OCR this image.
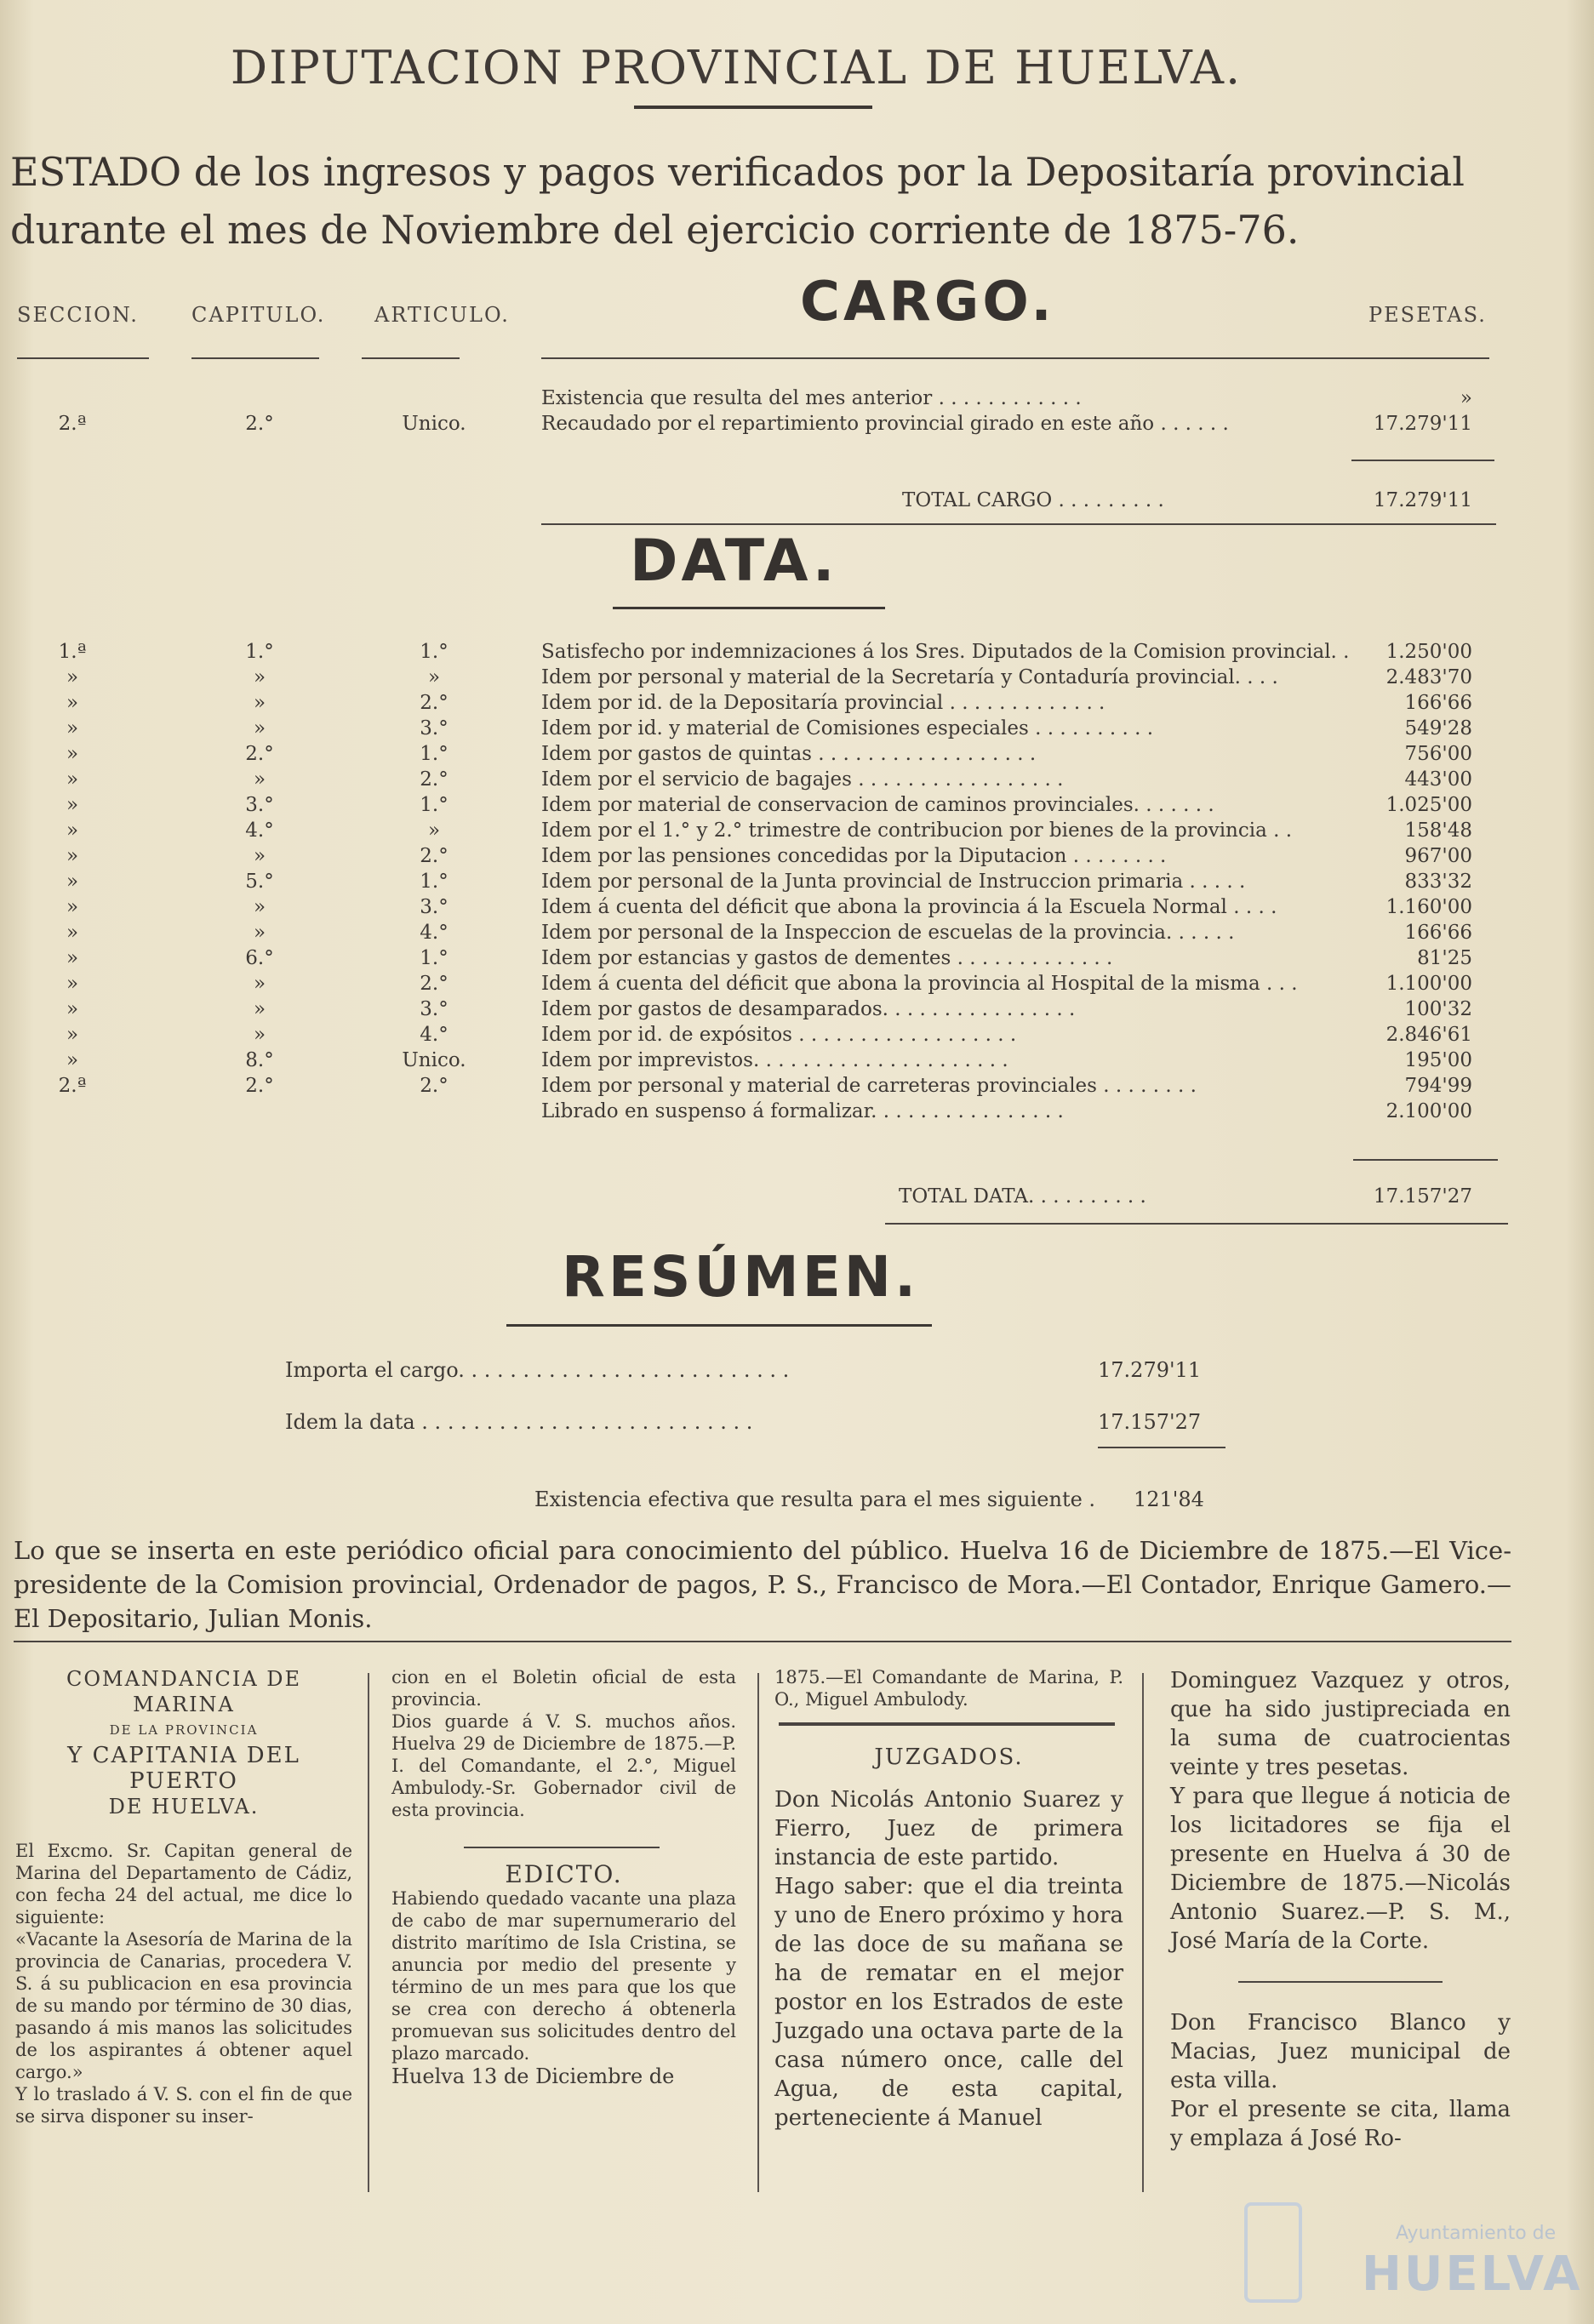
DIPUTACION PROVINCIAL DE HUELVA.
ESTADO de los ingresos y pagos verificados por la Depositaría provincial durante el mes de Noviembre del ejercicio corriente de 1875-76.
SECCION.	CAPITULO. ARTICULO.	PESETAS.
CARGO.
Existencia que resulta del mes anterior . . . . . . . . . . . .	»
2.ª	2.°	Unico.	Recaudado por el repartimiento provincial girado en este año . . . . . .	17.279'11
TOTAL CARGO . . . . . . . . .	17.279'11
DATA.
1.ª	1.°	1.°	Satisfecho por indemnizaciones á los Sres. Diputados de la Comision provincial. .	1.250'00
»	»	»	Idem por personal y material de la Secretaría y Contaduría provincial. . . .	2.483'70
»	»	2.°	Idem por id. de la Depositaría provincial . . . . . . . . . . . . .	166'66
»	»	3.°	Idem por id. y material de Comisiones especiales . . . . . . . . . .	549'28
»	2.°	1.°	Idem por gastos de quintas . . . . . . . . . . . . . . . . . .	756'00
»	»	2.°	Idem por el servicio de bagajes . . . . . . . . . . . . . . . . .	443'00
»	3.°	1.°	Idem por material de conservacion de caminos provinciales. . . . . . .	1.025'00
»	4.°	»	Idem por el 1.° y 2.° trimestre de contribucion por bienes de la provincia . .	158'48
»	»	2.°	Idem por las pensiones concedidas por la Diputacion . . . . . . . .	967'00
»	5.°	1.°	Idem por personal de la Junta provincial de Instruccion primaria . . . . .	833'32
»	»	3.°	Idem á cuenta del déficit que abona la provincia á la Escuela Normal . . . .	1.160'00
»	»	4.°	Idem por personal de la Inspeccion de escuelas de la provincia. . . . . .	166'66
»	6.°	1.°	Idem por estancias y gastos de dementes . . . . . . . . . . . . .	81'25
»	»	2.°	Idem á cuenta del déficit que abona la provincia al Hospital de la misma . . .	1.100'00
»	»	3.°	Idem por gastos de desamparados. . . . . . . . . . . . . . . .	100'32
»	»	4.°	Idem por id. de expósitos . . . . . . . . . . . . . . . . . .	2.846'61
»	8.°	Unico.	Idem por imprevistos. . . . . . . . . . . . . . . . . . . . .	195'00
2.ª	2.°	2.°	Idem por personal y material de carreteras provinciales . . . . . . . .	794'99
Librado en suspenso á formalizar. . . . . . . . . . . . . . . .	2.100'00
TOTAL DATA. . . . . . . . . .	17.157'27
RESÚMEN.
Importa el cargo. . . . . . . . . . . . . . . . . . . . . . . . . .	17.279'11
Idem la data . . . . . . . . . . . . . . . . . . . . . . . . . .	17.157'27
Existencia efectiva que resulta para el mes siguiente . 121'84
Lo que se inserta en este periódico oficial para conocimiento del público. Huelva 16 de Diciembre de 1875.—El Vice-presidente de la Comision provincial, Ordenador de pagos, P. S., Francisco de Mora.—El Contador, Enrique Gamero.—El Depositario, Julian Monis.
COMANDANCIA DE MARINA
DE LA PROVINCIA
Y CAPITANIA DEL PUERTO
DE HUELVA.

El Excmo. Sr. Capitan general de Marina del Departamento de Cádiz, con fecha 24 del actual, me dice lo siguiente:

«Vacante la Asesoría de Marina de la provincia de Canarias, procedera V. S. á su publicacion en esa provincia de su mando por término de 30 dias, pasando á mis manos las solicitudes de los aspirantes á obtener aquel cargo.»

Y lo traslado á V. S. con el fin de que se sirva disponer su inser-

cion en el Boletin oficial de esta provincia.

Dios guarde á V. S. muchos años. Huelva 29 de Diciembre de 1875.—P. I. del Comandante, el 2.°, Miguel Ambulody.-Sr. Gobernador civil de esta provincia.

EDICTO.

Habiendo quedado vacante una plaza de cabo de mar supernumerario del distrito marítimo de Isla Cristina, se anuncia por medio del presente y término de un mes para que los que se crea con derecho á obtenerla promuevan sus solicitudes dentro del plazo marcado.

Huelva 13 de Diciembre de

1875.—El Comandante de Marina, P. O., Miguel Ambulody.

JUZGADOS.

Don Nicolás Antonio Suarez y Fierro, Juez de primera instancia de este partido.

Hago saber: que el dia treinta y uno de Enero próximo y hora de las doce de su mañana se ha de rematar en el mejor postor en los Estrados de este Juzgado una octava parte de la casa número once, calle del Agua, de esta capital, perteneciente á Manuel

Dominguez Vazquez y otros, que ha sido justipreciada en la suma de cuatrocientas veinte y tres pesetas.

Y para que llegue á noticia de los licitadores se fija el presente en Huelva á 30 de Diciembre de 1875.—Nicolás Antonio Suarez.—P. S. M., José María de la Corte.

Don Francisco Blanco y Macias, Juez municipal de esta villa.

Por el presente se cita, llama y emplaza á José Ro-

Ayuntamiento de
HUELVA
